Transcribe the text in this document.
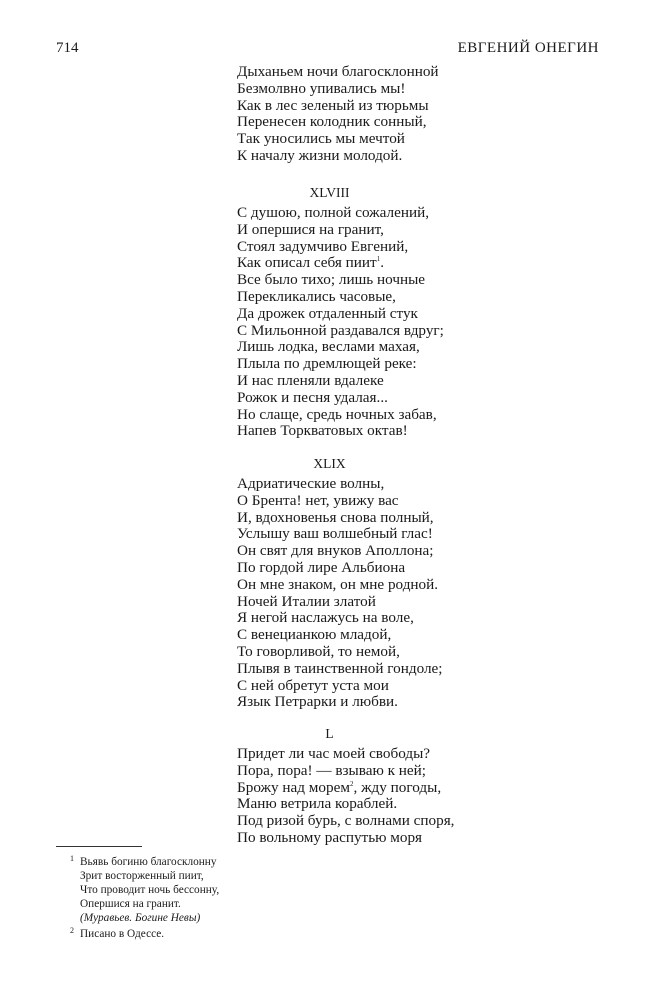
714	ЕВГЕНИЙ ОНЕГИН
Дыханьем ночи благосклонной
Безмолвно упивались мы!
Как в лес зеленый из тюрьмы
Перенесен колодник сонный,
Так уносились мы мечтой
К началу жизни молодой.
XLVIII
С душою, полной сожалений,
И опершися на гранит,
Стоял задумчиво Евгений,
Как описал себя пиит$^1$.
Все было тихо; лишь ночные
Перекликались часовые,
Да дрожек отдаленный стук
С Мильонной раздавался вдруг;
Лишь лодка, веслами махая,
Плыла по дремлющей реке:
И нас пленяли вдалеке
Рожок и песня удалая...
Но слаще, средь ночных забав,
Напев Торкватовых октав!
XLIX
Адриатические волны,
О Брента! нет, увижу вас
И, вдохновенья снова полный,
Услышу ваш волшебный глас!
Он свят для внуков Аполлона;
По гордой лире Альбиона
Он мне знаком, он мне родной.
Ночей Италии златой
Я негой наслажусь на воле,
С венецианкою младой,
То говорливой, то немой,
Плывя в таинственной гондоле;
С ней обретут уста мои
Язык Петрарки и любви.
L
Придет ли час моей свободы?
Пора, пора! — взываю к ней;
Брожу над морем$^2$, жду погоды,
Маню ветрила кораблей.
Под ризой бурь, с волнами споря,
По вольному распутью моря
1 Вьявь богиню благосклонну
Зрит восторженный пиит,
Что проводит ночь бессонну,
Опершися на гранит.
(Муравьев. Богине Невы)
2 Писано в Одессе.
